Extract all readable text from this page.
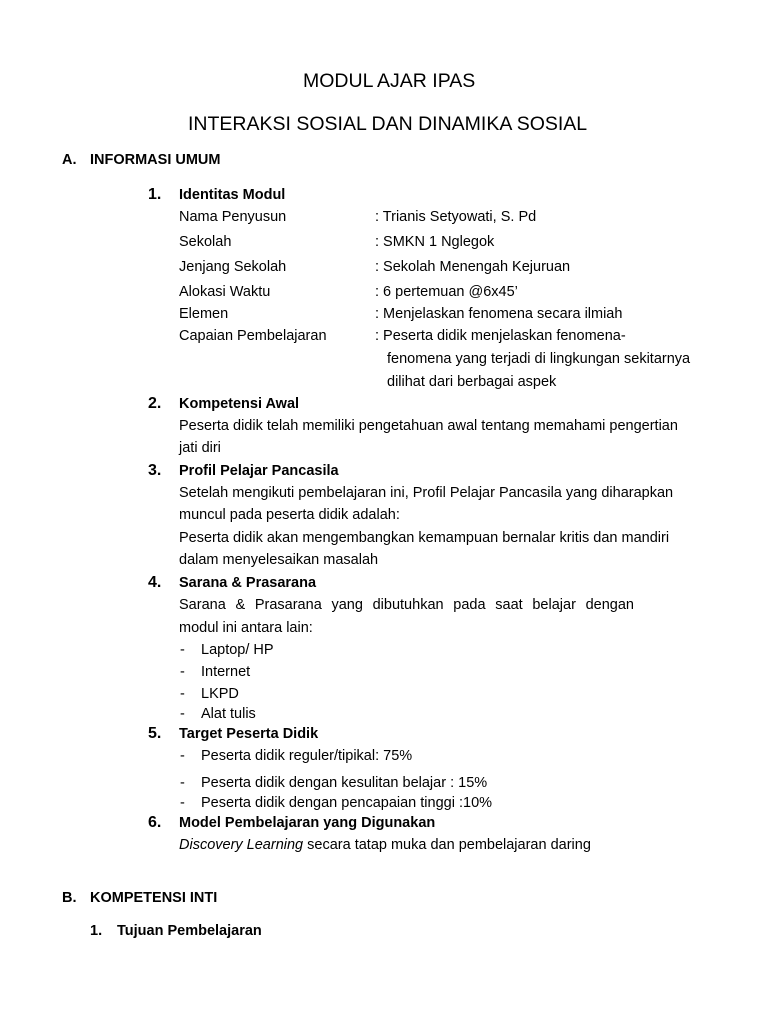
MODUL AJAR IPAS
INTERAKSI SOSIAL DAN DINAMIKA SOSIAL
A. INFORMASI UMUM
1. Identitas Modul
Nama Penyusun	: Trianis Setyowati, S. Pd
Sekolah	: SMKN 1 Nglegok
Jenjang Sekolah	: Sekolah Menengah Kejuruan
Alokasi Waktu	: 6 pertemuan @6x45’
Elemen	: Menjelaskan fenomena secara ilmiah
Capaian Pembelajaran	: Peserta didik menjelaskan fenomena-
fenomena yang terjadi di lingkungan sekitarnya
dilihat dari berbagai aspek
2. Kompetensi Awal
Peserta didik telah memiliki pengetahuan awal tentang memahami pengertian
jati diri
3. Profil Pelajar Pancasila
Setelah mengikuti pembelajaran ini, Profil Pelajar Pancasila yang diharapkan
muncul pada peserta didik adalah:
Peserta didik akan mengembangkan kemampuan bernalar kritis dan mandiri
dalam menyelesaikan masalah
4. Sarana & Prasarana
Sarana & Prasarana yang dibutuhkan pada saat belajar dengan
modul ini antara lain:
- Laptop/ HP
- Internet
- LKPD
- Alat tulis
5. Target Peserta Didik
- Peserta didik reguler/tipikal: 75%
- Peserta didik dengan kesulitan belajar : 15%
- Peserta didik dengan pencapaian tinggi :10%
6. Model Pembelajaran yang Digunakan
Discovery Learning secara tatap muka dan pembelajaran daring
B. KOMPETENSI INTI
1. Tujuan Pembelajaran
